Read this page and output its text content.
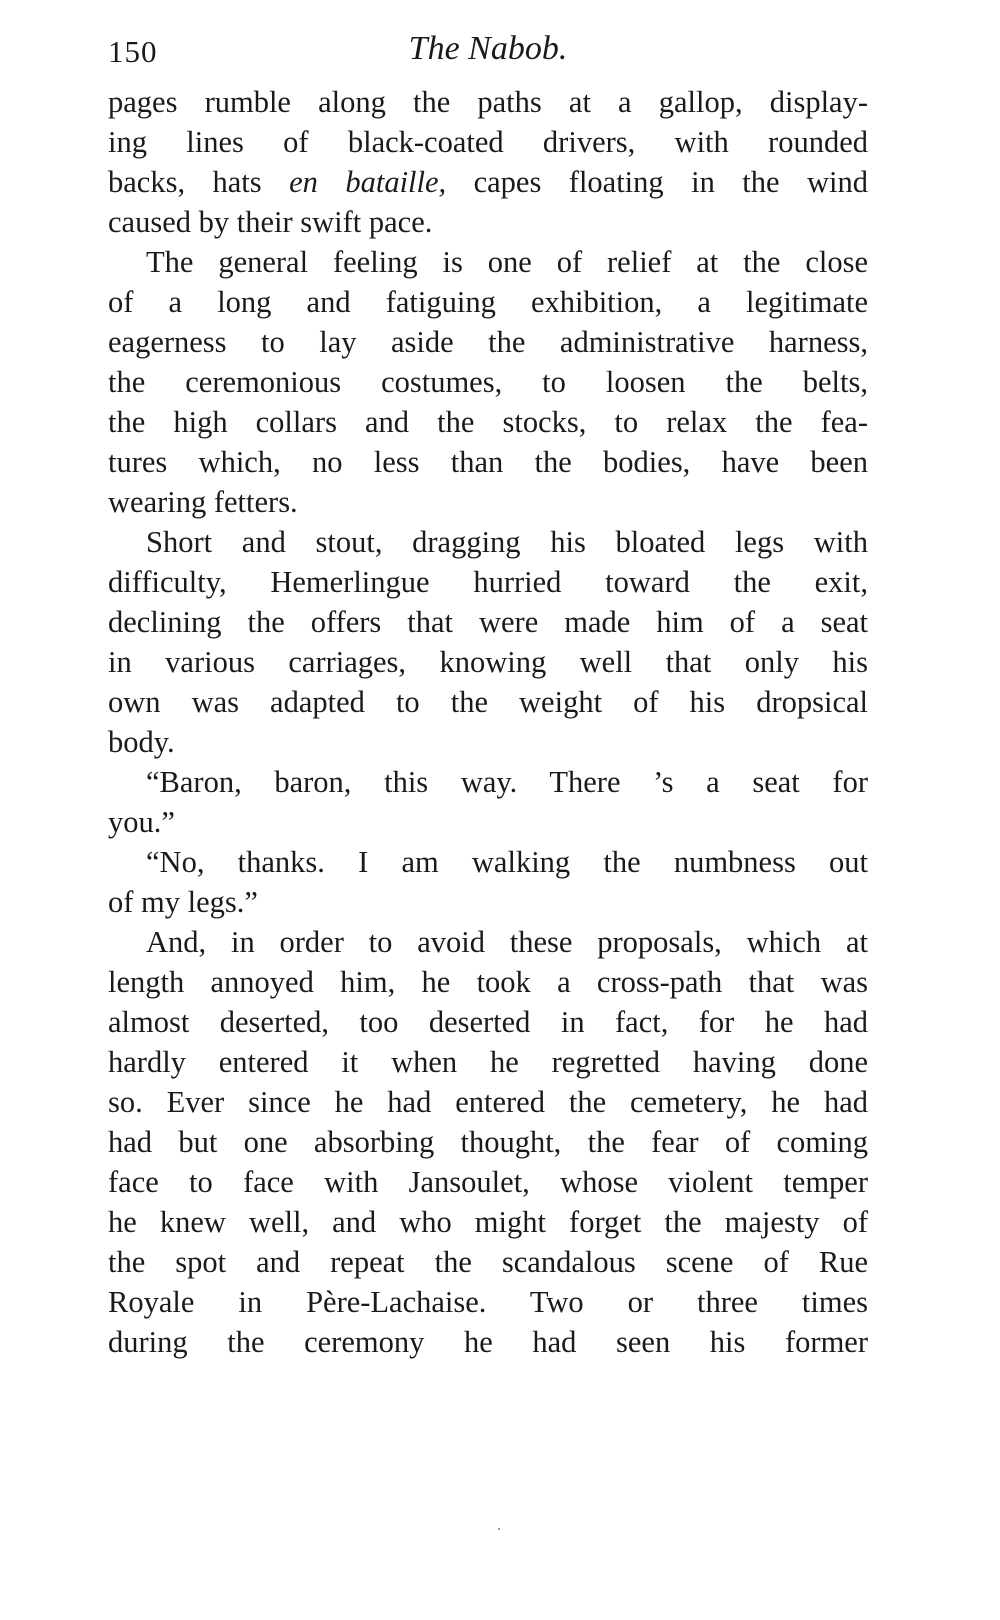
150	The Nabob.
pages rumble along the paths at a gallop, display-
ing lines of black-coated drivers, with rounded
backs, hats en bataille, capes floating in the wind
caused by their swift pace.
The general feeling is one of relief at the close
of a long and fatiguing exhibition, a legitimate
eagerness to lay aside the administrative harness,
the ceremonious costumes, to loosen the belts,
the high collars and the stocks, to relax the fea-
tures which, no less than the bodies, have been
wearing fetters.
Short and stout, dragging his bloated legs with
difficulty, Hemerlingue hurried toward the exit,
declining the offers that were made him of a seat
in various carriages, knowing well that only his
own was adapted to the weight of his dropsical
body.
“Baron, baron, this way. There ’s a seat for
you.”
“No, thanks. I am walking the numbness out
of my legs.”
And, in order to avoid these proposals, which at
length annoyed him, he took a cross-path that was
almost deserted, too deserted in fact, for he had
hardly entered it when he regretted having done
so. Ever since he had entered the cemetery, he had
had but one absorbing thought, the fear of coming
face to face with Jansoulet, whose violent temper
he knew well, and who might forget the majesty of
the spot and repeat the scandalous scene of Rue
Royale in Père-Lachaise. Two or three times
during the ceremony he had seen his former
